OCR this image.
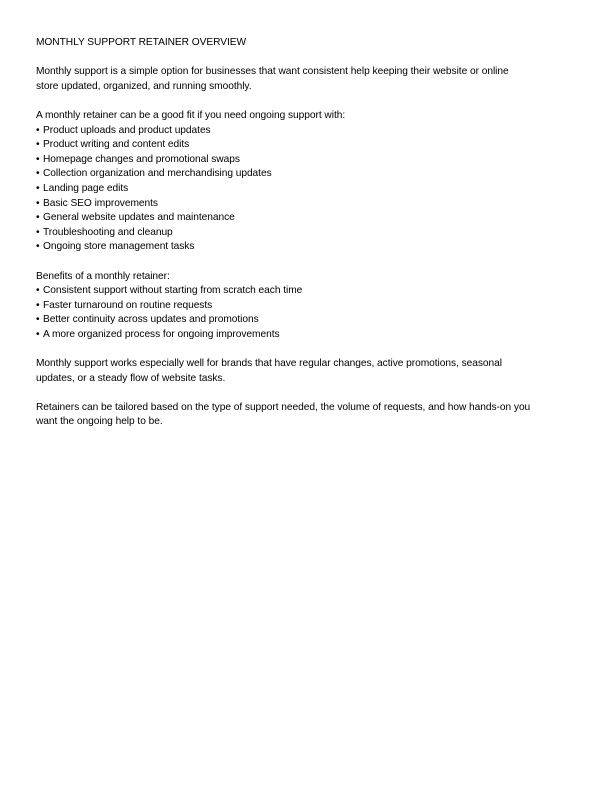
MONTHLY SUPPORT RETAINER OVERVIEW

Monthly support is a simple option for businesses that want consistent help keeping their website or online

store updated, organized, and running smoothly.

A monthly retainer can be a good fit if you need ongoing support with:

• Product uploads and product updates
• Product writing and content edits
• Homepage changes and promotional swaps
• Collection organization and merchandising updates
• Landing page edits
• Basic SEO improvements
• General website updates and maintenance
• Troubleshooting and cleanup
• Ongoing store management tasks

Benefits of a monthly retainer:

• Consistent support without starting from scratch each time
• Faster turnaround on routine requests
• Better continuity across updates and promotions
• A more organized process for ongoing improvements

Monthly support works especially well for brands that have regular changes, active promotions, seasonal

updates, or a steady flow of website tasks.

Retainers can be tailored based on the type of support needed, the volume of requests, and how hands-on you

want the ongoing help to be.
